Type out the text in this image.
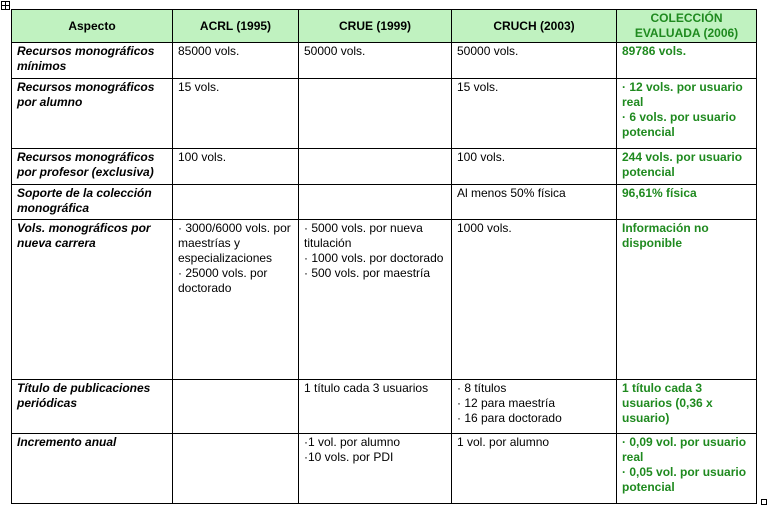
Aspecto	ACRL (1995)	CRUE (1999)	CRUCH (2003)	COLECCIÓN EVALUADA (2006)
Recursos monográficos mínimos	85000 vols.	50000 vols.	50000 vols.	89786 vols.

Recursos monográficos por alumno	15 vols.		15 vols.	· 12 vols. por usuario real
· 6 vols. por usuario potencial

Recursos monográficos por profesor (exclusiva)	100 vols.		100 vols.	244 vols. por usuario potencial

Soporte de la colección monográfica			Al menos 50% física	96,61% física

Vols. monográficos por nueva carrera	· 3000/6000 vols. por maestrías y especializaciones
· 25000 vols. por doctorado	· 5000 vols. por nueva titulación
· 1000 vols. por doctorado
· 500 vols. por maestría	1000 vols.	Información no disponible

Título de publicaciones periódicas		1 título cada 3 usuarios	· 8 títulos
· 12 para maestría
· 16 para doctorado	1 título cada 3 usuarios (0,36 x usuario)

Incremento anual		·1 vol. por alumno
·10 vols. por PDI	1 vol. por alumno	· 0,09 vol. por usuario real
· 0,05 vol. por usuario potencial
